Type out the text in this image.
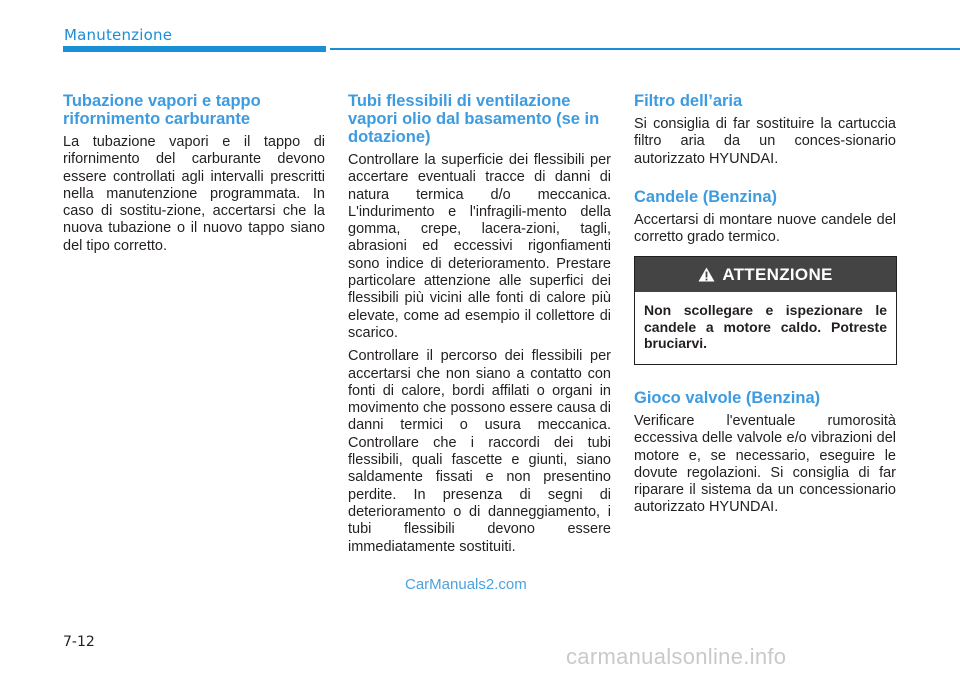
Manutenzione
Tubazione vapori e tappo rifornimento carburante

La tubazione vapori e il tappo di rifornimento del carburante devono essere controllati agli intervalli prescritti nella manutenzione programmata. In caso di sostitu-zione, accertarsi che la nuova tubazione o il nuovo tappo siano del tipo corretto.

Tubi flessibili di ventilazione vapori olio dal basamento (se in dotazione)

Controllare la superficie dei flessibili per accertare eventuali tracce di danni di natura termica d/o meccanica. L'indurimento e l'infragili-mento della gomma, crepe, lacera-zioni, tagli, abrasioni ed eccessivi rigonfiamenti sono indice di deterioramento. Prestare particolare attenzione alle superfici dei flessibili più vicini alle fonti di calore più elevate, come ad esempio il collettore di scarico.

Controllare il percorso dei flessibili per accertarsi che non siano a contatto con fonti di calore, bordi affilati o organi in movimento che possono essere causa di danni termici o usura meccanica. Controllare che i raccordi dei tubi flessibili, quali fascette e giunti, siano saldamente fissati e non presentino perdite. In presenza di segni di deterioramento o di danneggiamento, i tubi flessibili devono essere immediatamente sostituiti.

Filtro dell’aria

Si consiglia di far sostituire la cartuccia filtro aria da un conces-sionario autorizzato HYUNDAI.

Candele (Benzina)

Accertarsi di montare nuove candele del corretto grado termico.

ATTENZIONE
Non scollegare e ispezionare le candele a motore caldo. Potreste bruciarvi.
Gioco valvole (Benzina)

Verificare l'eventuale rumorosità eccessiva delle valvole e/o vibrazioni del motore e, se necessario, eseguire le dovute regolazioni. Si consiglia di far riparare il sistema da un concessionario autorizzato HYUNDAI.

CarManuals2.com
7-12
carmanualsonline.info
